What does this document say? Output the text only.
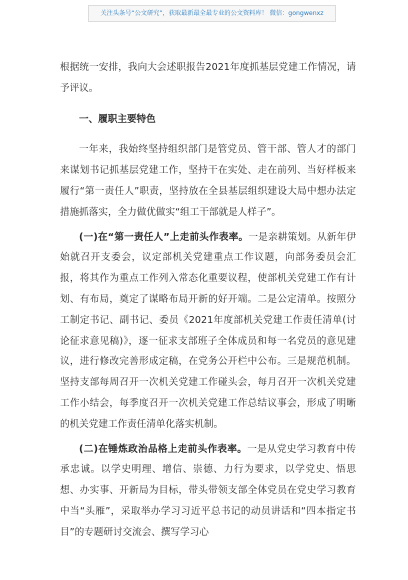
关注头条号“公文研究”，获取最新最全最专业的公文资料库！ 微信：gongwenxz

根据统一安排，我向大会述职报告2021年度抓基层党建工作情况，请予评议。

一、履职主要特色

一年来，我始终坚持组织部门是管党员、管干部、管人才的部门来谋划书记抓基层党建工作，坚持干在实处、走在前列、当好样板来履行“第一责任人”职责，坚持放在全县基层组织建设大局中想办法定措施抓落实，全力做优做实“组工干部就是人样子”。

(一)在“第一责任人”上走前头作表率。一是亲耕策划。从新年伊始就召开支委会，议定部机关党建重点工作议题，向部务委员会汇报，将其作为重点工作列入常态化重要议程，使部机关党建工作有计划、有布局，奠定了谋略布局开新的好开端。二是公定清单。按照分工制定书记、副书记、委员《2021年度部机关党建工作责任清单(讨论征求意见稿)》，逐一征求支部班子全体成员和每一名党员的意见建议，进行修改完善形成定稿，在党务公开栏中公布。三是规范机制。坚持支部每周召开一次机关党建工作碰头会，每月召开一次机关党建工作小结会，每季度召开一次机关党建工作总结议事会，形成了明晰的机关党建工作责任清单化落实机制。

(二)在锤炼政治品格上走前头作表率。一是从党史学习教育中传承忠诚。以学史明理、增信、崇德、力行为要求，以学党史、悟思想、办实事、开新局为目标，带头带领支部全体党员在党史学习教育中当“头雁”，采取举办学习习近平总书记的动员讲话和“四本指定书目”的专题研讨交流会、撰写学习心
